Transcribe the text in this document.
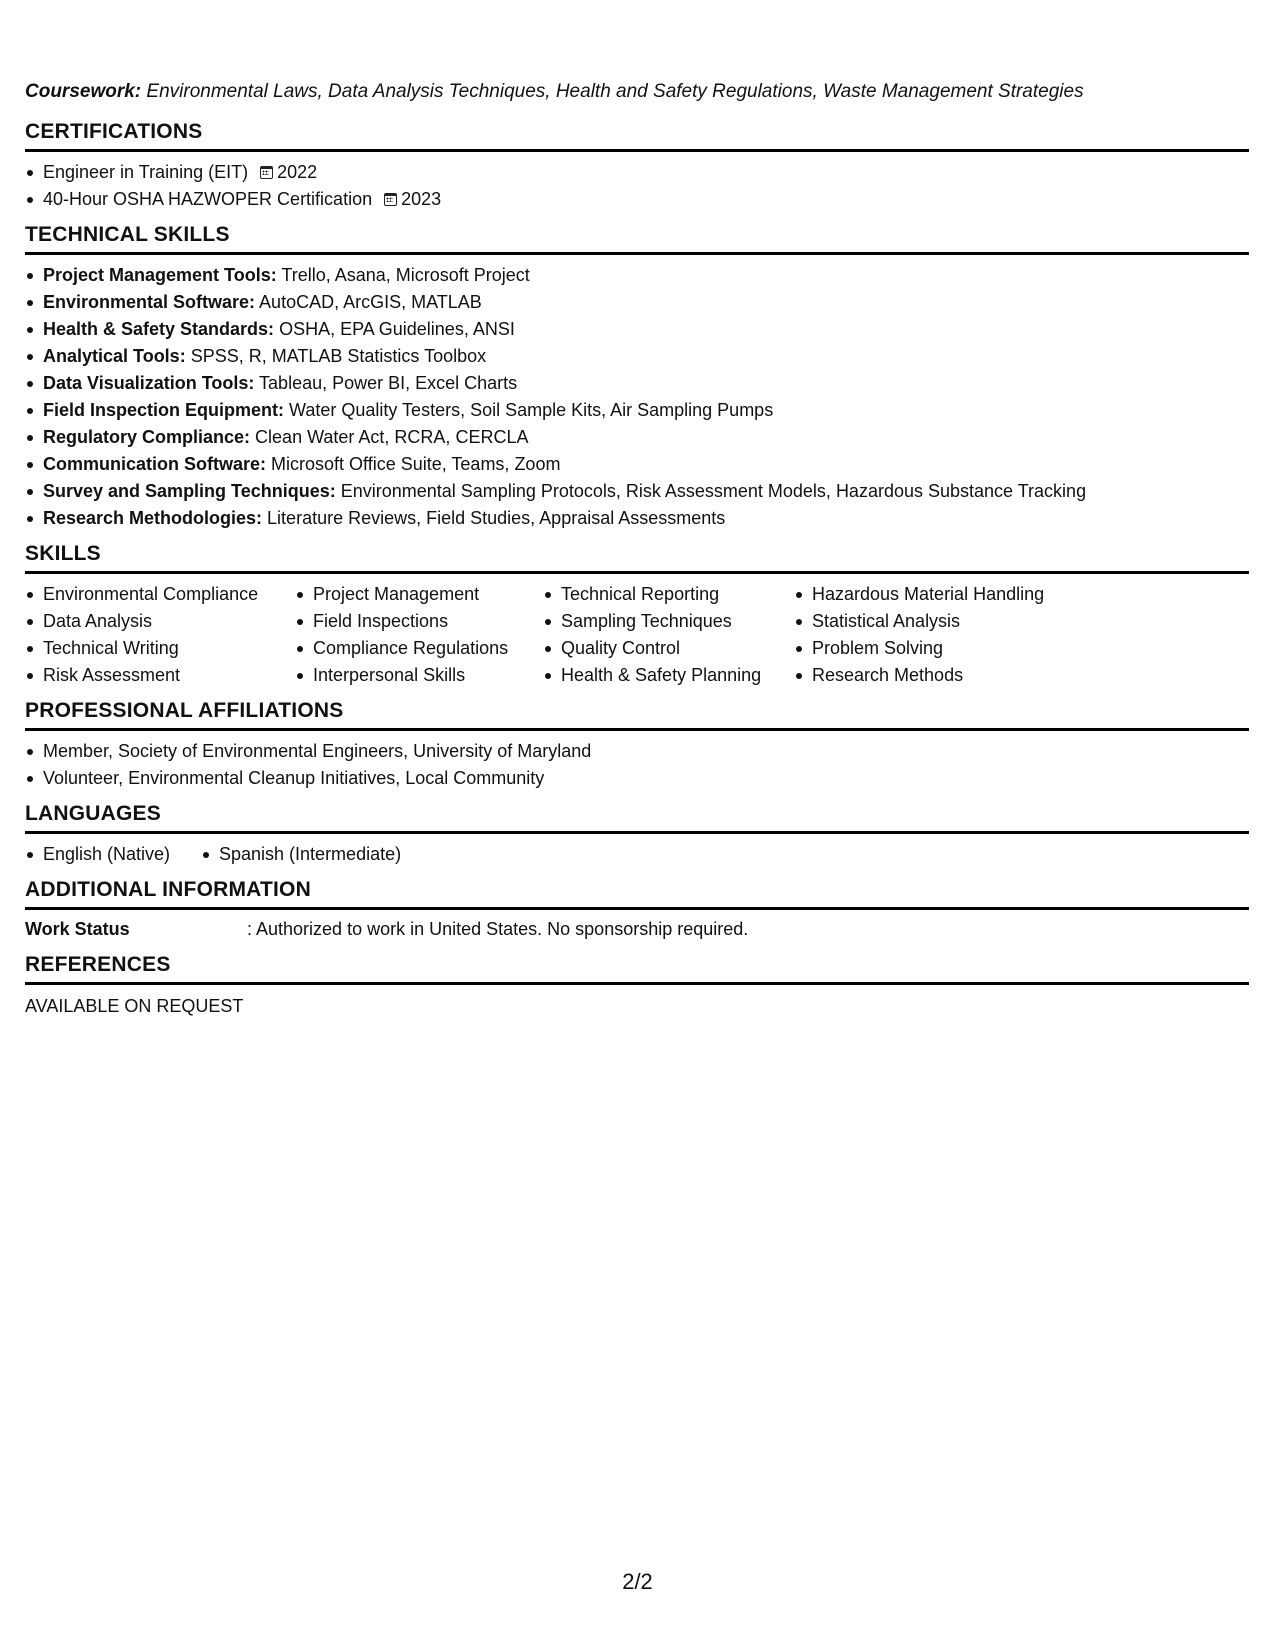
Coursework: Environmental Laws, Data Analysis Techniques, Health and Safety Regulations, Waste Management Strategies
CERTIFICATIONS
Engineer in Training (EIT) 2022
40-Hour OSHA HAZWOPER Certification 2023
TECHNICAL SKILLS
Project Management Tools: Trello, Asana, Microsoft Project
Environmental Software: AutoCAD, ArcGIS, MATLAB
Health & Safety Standards: OSHA, EPA Guidelines, ANSI
Analytical Tools: SPSS, R, MATLAB Statistics Toolbox
Data Visualization Tools: Tableau, Power BI, Excel Charts
Field Inspection Equipment: Water Quality Testers, Soil Sample Kits, Air Sampling Pumps
Regulatory Compliance: Clean Water Act, RCRA, CERCLA
Communication Software: Microsoft Office Suite, Teams, Zoom
Survey and Sampling Techniques: Environmental Sampling Protocols, Risk Assessment Models, Hazardous Substance Tracking
Research Methodologies: Literature Reviews, Field Studies, Appraisal Assessments
SKILLS
Environmental Compliance
Data Analysis
Technical Writing
Risk Assessment
Project Management
Field Inspections
Compliance Regulations
Interpersonal Skills
Technical Reporting
Sampling Techniques
Quality Control
Health & Safety Planning
Hazardous Material Handling
Statistical Analysis
Problem Solving
Research Methods
PROFESSIONAL AFFILIATIONS
Member, Society of Environmental Engineers, University of Maryland
Volunteer, Environmental Cleanup Initiatives, Local Community
LANGUAGES
English (Native)	Spanish (Intermediate)
ADDITIONAL INFORMATION
Work Status	: Authorized to work in United States. No sponsorship required.
REFERENCES
AVAILABLE ON REQUEST
2/2
